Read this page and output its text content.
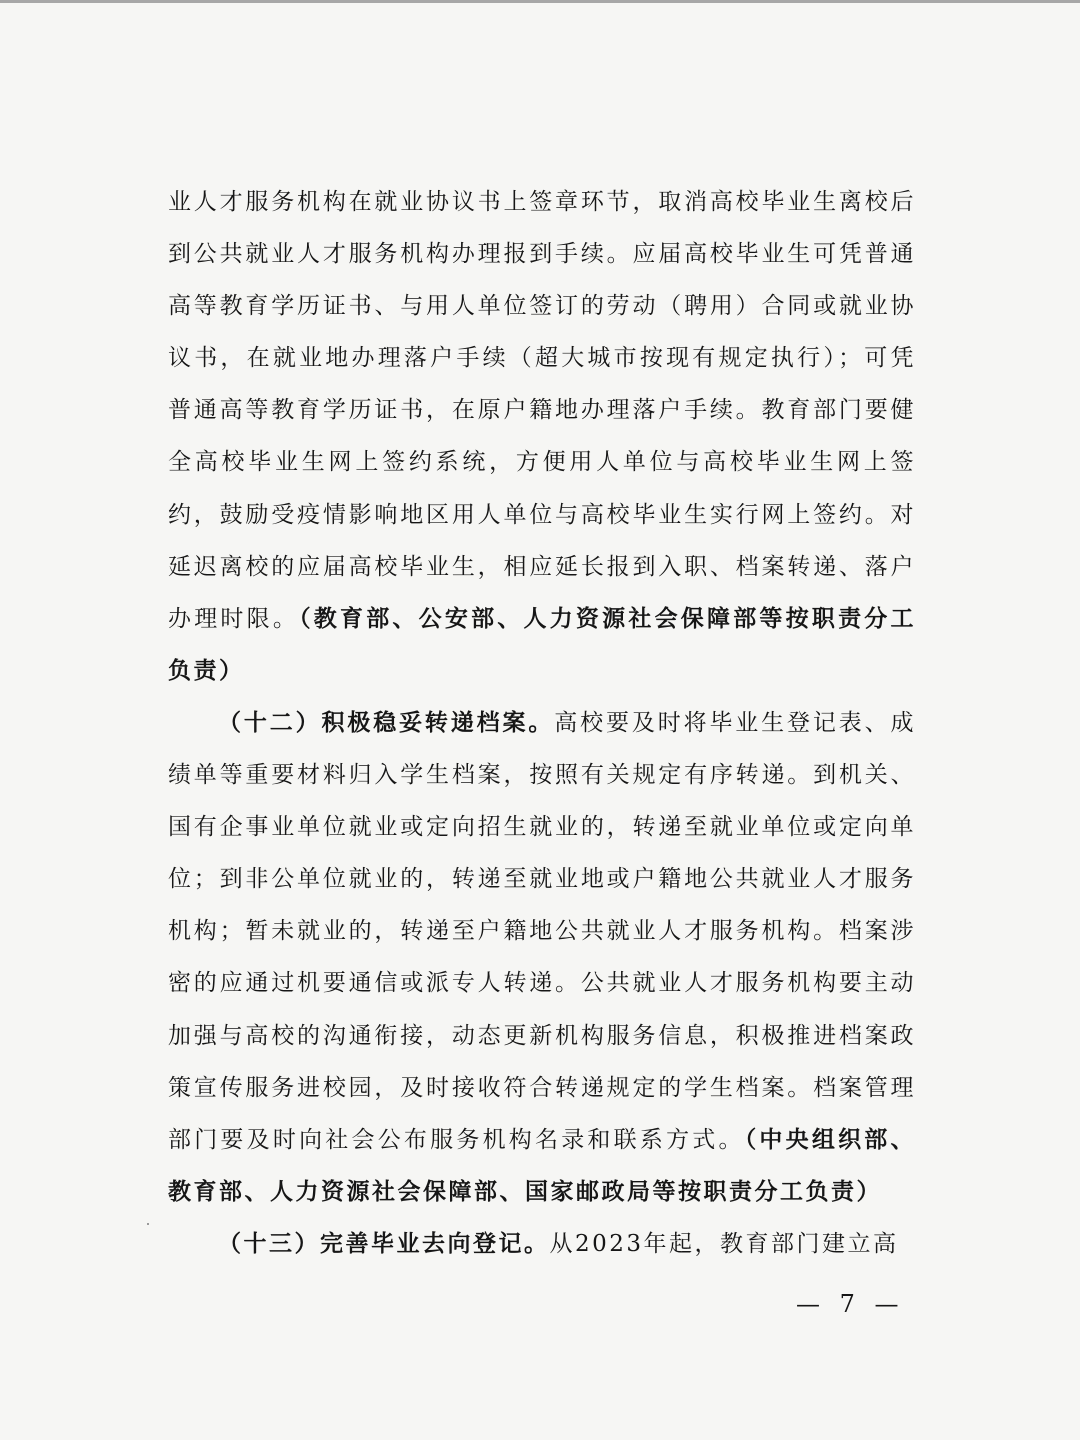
业人才服务机构在就业协议书上签章环节，取消高校毕业生离校后到公共就业人才服务机构办理报到手续。应届高校毕业生可凭普通高等教育学历证书、与用人单位签订的劳动（聘用）合同或就业协议书，在就业地办理落户手续（超大城市按现有规定执行）；可凭普通高等教育学历证书，在原户籍地办理落户手续。教育部门要健全高校毕业生网上签约系统，方便用人单位与高校毕业生网上签约，鼓励受疫情影响地区用人单位与高校毕业生实行网上签约。对延迟离校的应届高校毕业生，相应延长报到入职、档案转递、落户办理时限。（教育部、公安部、人力资源社会保障部等按职责分工负责）

（十二）积极稳妥转递档案。高校要及时将毕业生登记表、成绩单等重要材料归入学生档案，按照有关规定有序转递。到机关、国有企事业单位就业或定向招生就业的，转递至就业单位或定向单位；到非公单位就业的，转递至就业地或户籍地公共就业人才服务机构；暂未就业的，转递至户籍地公共就业人才服务机构。档案涉密的应通过机要通信或派专人转递。公共就业人才服务机构要主动加强与高校的沟通衔接，动态更新机构服务信息，积极推进档案政策宣传服务进校园，及时接收符合转递规定的学生档案。档案管理部门要及时向社会公布服务机构名录和联系方式。（中央组织部、教育部、人力资源社会保障部、国家邮政局等按职责分工负责）

（十三）完善毕业去向登记。从2023年起，教育部门建立高

— 7 —
